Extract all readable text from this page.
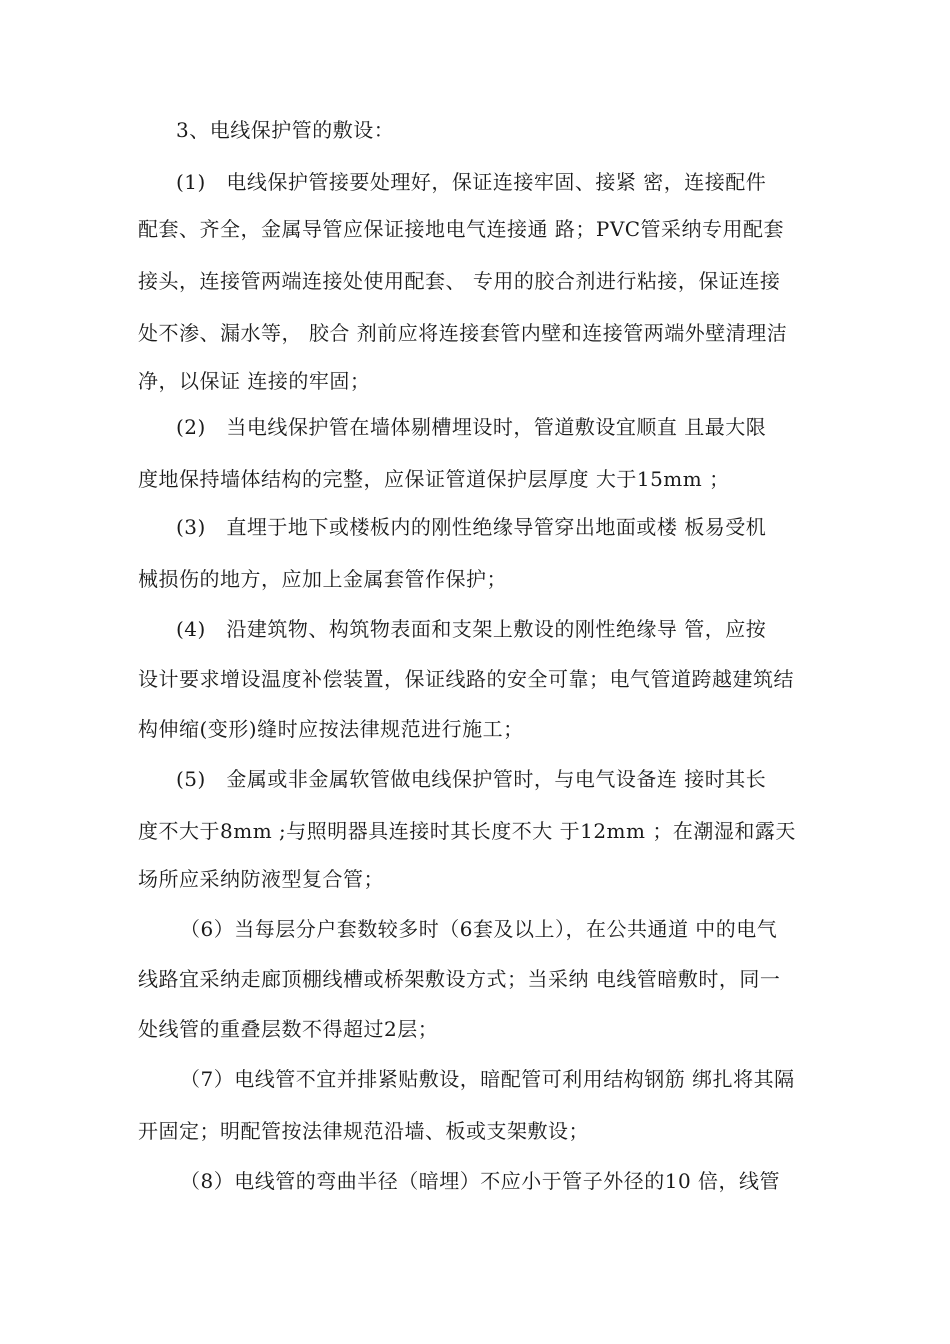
3、电线保护管的敷设：
(1)   电线保护管接要处理好，保证连接牢固、接紧 密，连接配件
配套、齐全，金属导管应保证接地电气连接通 路；PVC管采纳专用配套
接头，连接管两端连接处使用配套、 专用的胶合剂进行粘接，保证连接
处不渗、漏水等， 胶合 剂前应将连接套管内壁和连接管两端外壁清理洁
净，以保证 连接的牢固；
(2)   当电线保护管在墙体剔槽埋设时，管道敷设宜顺直 且最大限
度地保持墙体结构的完整，应保证管道保护层厚度 大于15mm ；
(3)   直埋于地下或楼板内的刚性绝缘导管穿出地面或楼 板易受机
械损伤的地方，应加上金属套管作保护；
(4)   沿建筑物、构筑物表面和支架上敷设的刚性绝缘导 管，应按
设计要求增设温度补偿装置，保证线路的安全可靠；电气管道跨越建筑结
构伸缩(变形)缝时应按法律规范进行施工；
(5)   金属或非金属软管做电线保护管时，与电气设备连 接时其长
度不大于8mm ;与照明器具连接时其长度不大 于12mm ；在潮湿和露天
场所应采纳防液型复合管；
（6）当每层分户套数较多时（6套及以上），在公共通道 中的电气
线路宜采纳走廊顶棚线槽或桥架敷设方式；当采纳 电线管暗敷时，同一
处线管的重叠层数不得超过2层；
（7）电线管不宜并排紧贴敷设，暗配管可利用结构钢筋 绑扎将其隔
开固定；明配管按法律规范沿墙、板或支架敷设；
（8）电线管的弯曲半径（暗埋）不应小于管子外径的10 倍，线管
